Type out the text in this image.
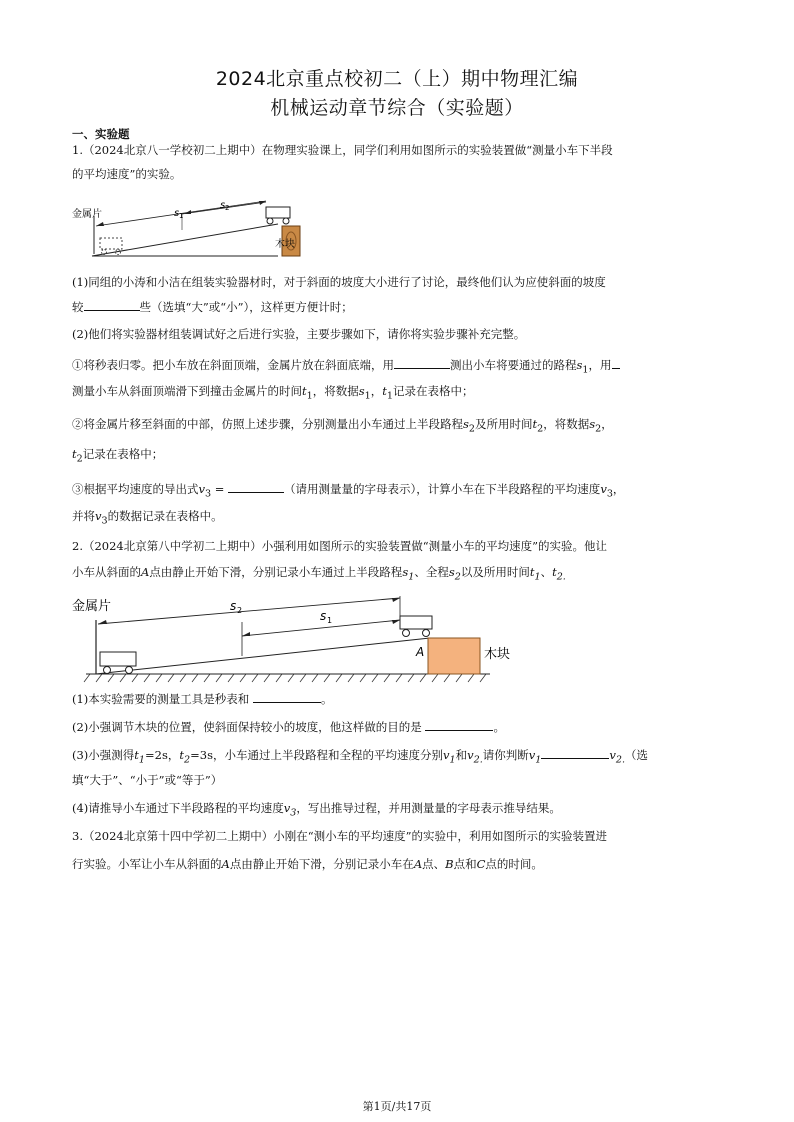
2024北京重点校初二（上）期中物理汇编
机械运动章节综合（实验题）
一、实验题
1.（2024北京八一学校初二上期中）在物理实验课上，同学们利用如图所示的实验装置做“测量小车下半段
的平均速度”的实验。
金属片
木块
s 1
s 2
(1)同组的小涛和小洁在组装实验器材时，对于斜面的坡度大小进行了讨论，最终他们认为应使斜面的坡度
较	些（选填“大”或“小”），这样更方便计时；
(2)他们将实验器材组装调试好之后进行实验，主要步骤如下，请你将实验步骤补充完整。
①将秒表归零。把小车放在斜面顶端，金属片放在斜面底端，用	测出小车将要通过的路程$s_1$，用
测量小车从斜面顶端滑下到撞击金属片的时间$t_1$，将数据$s_1$，$t_1$记录在表格中；
②将金属片移至斜面的中部，仿照上述步骤，分别测量出小车通过上半段路程$s_2$及所用时间$t_2$，将数据$s_2$，
$t_2$记录在表格中；
③根据平均速度的导出式$v_3$ =	（请用测量量的字母表示），计算小车在下半段路程的平均速度$v_3$，
并将$v_3$的数据记录在表格中。
2.（2024北京第八中学初二上期中）小强利用如图所示的实验装置做“测量小车的平均速度”的实验。他让
小车从斜面的A点由静止开始下滑，分别记录小车通过上半段路程$s_1$、全程$s_2$以及所用时间$t_1$、$t_{2.}$
金属片
木块
A
s 2	s 1
(1)本实验需要的测量工具是秒表和	。
(2)小强调节木块的位置，使斜面保持较小的坡度，他这样做的目的是	。
(3)小强测得$t_1=2s$，$t_2=3s$，小车通过上半段路程和全程的平均速度分别$v_1$和$v_{2.}$请你判断$v_1$	$v_{2.}$（选
填“大于”、“小于”或“等于”）
(4)请推导小车通过下半段路程的平均速度$v_3$，写出推导过程，并用测量量的字母表示推导结果。
3.（2024北京第十四中学初二上期中）小刚在“测小车的平均速度”的实验中，利用如图所示的实验装置进
行实验。小军让小车从斜面的A点由静止开始下滑，分别记录小车在A点、B点和C点的时间。
第1页/共17页
